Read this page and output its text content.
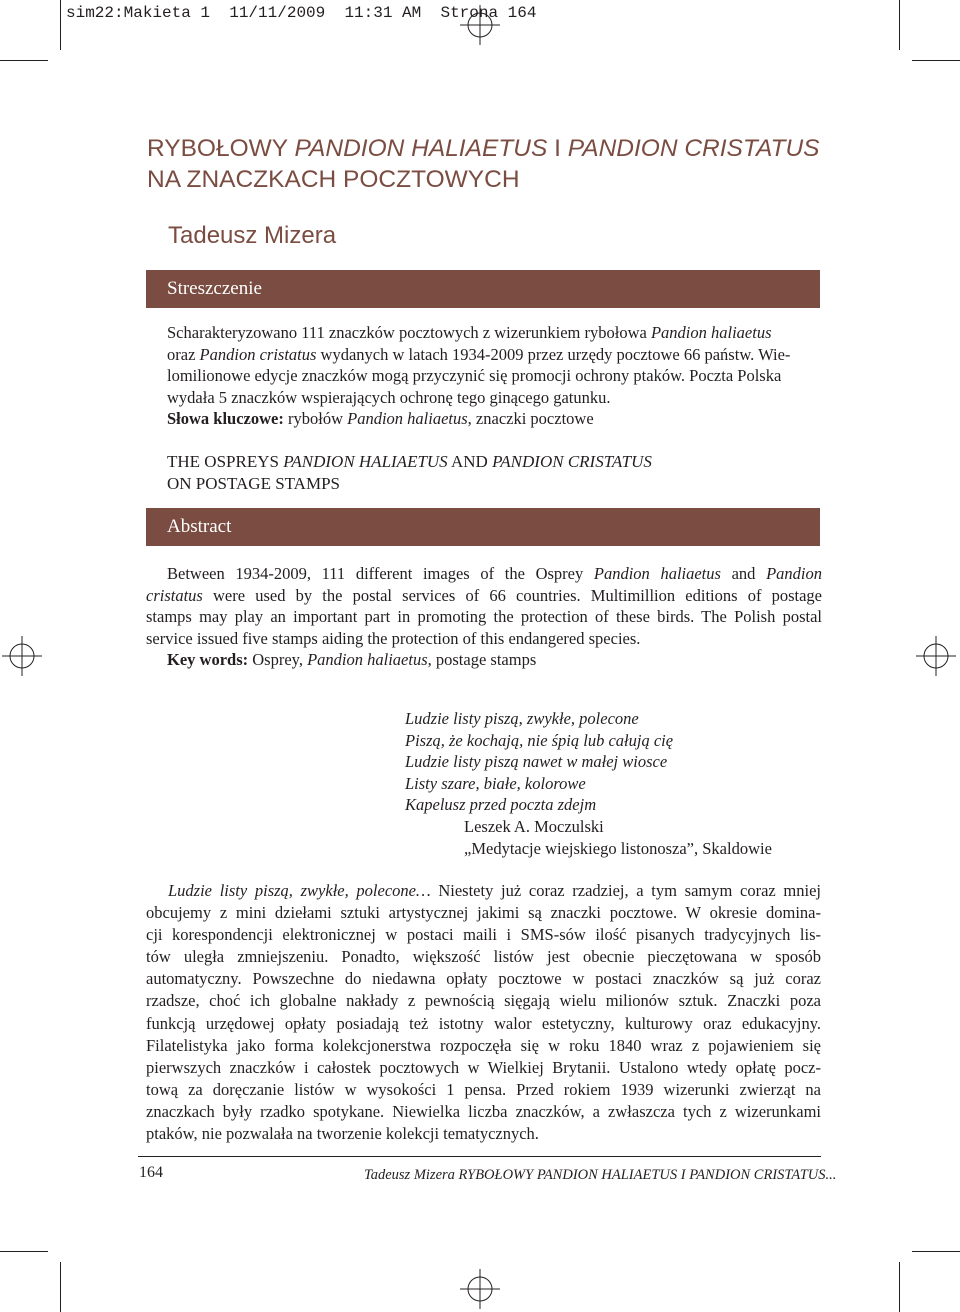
sim22:Makieta 1  11/11/2009  11:31 AM  Strona 164
RYBOŁOWY PANDION HALIAETUS I PANDION CRISTATUS NA ZNACZKACH POCZTOWYCH
Tadeusz Mizera
Streszczenie

Scharakteryzowano 111 znaczków pocztowych z wizerunkiem rybołowa Pandion haliaetus

oraz Pandion cristatus wydanych w latach 1934-2009 przez urzędy pocztowe 66 państw. Wie-

lomilionowe edycje znaczków mogą przyczynić się promocji ochrony ptaków. Poczta Polska

wydała 5 znaczków wspierających ochronę tego ginącego gatunku.

Słowa kluczowe: rybołów Pandion haliaetus, znaczki pocztowe

THE OSPREYS PANDION HALIAETUS AND PANDION CRISTATUS
ON POSTAGE STAMPS
Abstract

Between 1934-2009, 111 different images of the Osprey Pandion haliaetus and Pandion

cristatus were used by the postal services of 66 countries. Multimillion editions of postage

stamps may play an important part in promoting the protection of these birds. The Polish postal

service issued five stamps aiding the protection of this endangered species.

Key words: Osprey, Pandion haliaetus, postage stamps

Ludzie listy piszą, zwykłe, polecone
Piszą, że kochają, nie śpią lub całują cię
Ludzie listy piszą nawet w małej wiosce
Listy szare, białe, kolorowe
Kapelusz przed poczta zdejm
Leszek A. Moczulski
„Medytacje wiejskiego listonosza”, Skaldowie
Ludzie listy piszą, zwykłe, polecone… Niestety już coraz rzadziej, a tym samym coraz mniej
obcujemy z mini dziełami sztuki artystycznej jakimi są znaczki pocztowe. W okresie domina-
cji korespondencji elektronicznej w postaci maili i SMS-sów ilość pisanych tradycyjnych lis-
tów uległa zmniejszeniu. Ponadto, większość listów jest obecnie pieczętowana w sposób
automatyczny. Powszechne do niedawna opłaty pocztowe w postaci znaczków są już coraz
rzadsze, choć ich globalne nakłady z pewnością sięgają wielu milionów sztuk. Znaczki poza
funkcją urzędowej opłaty posiadają też istotny walor estetyczny, kulturowy oraz edukacyjny.
Filatelistyka jako forma kolekcjonerstwa rozpoczęła się w roku 1840 wraz z pojawieniem się
pierwszych znaczków i całostek pocztowych w Wielkiej Brytanii. Ustalono wtedy opłatę pocz-
tową za doręczanie listów w wysokości 1 pensa. Przed rokiem 1939 wizerunki zwierząt na
znaczkach były rzadko spotykane. Niewielka liczba znaczków, a zwłaszcza tych z wizerunkami
ptaków, nie pozwalała na tworzenie kolekcji tematycznych.
164	Tadeusz Mizera RYBOŁOWY PANDION HALIAETUS I PANDION CRISTATUS...
